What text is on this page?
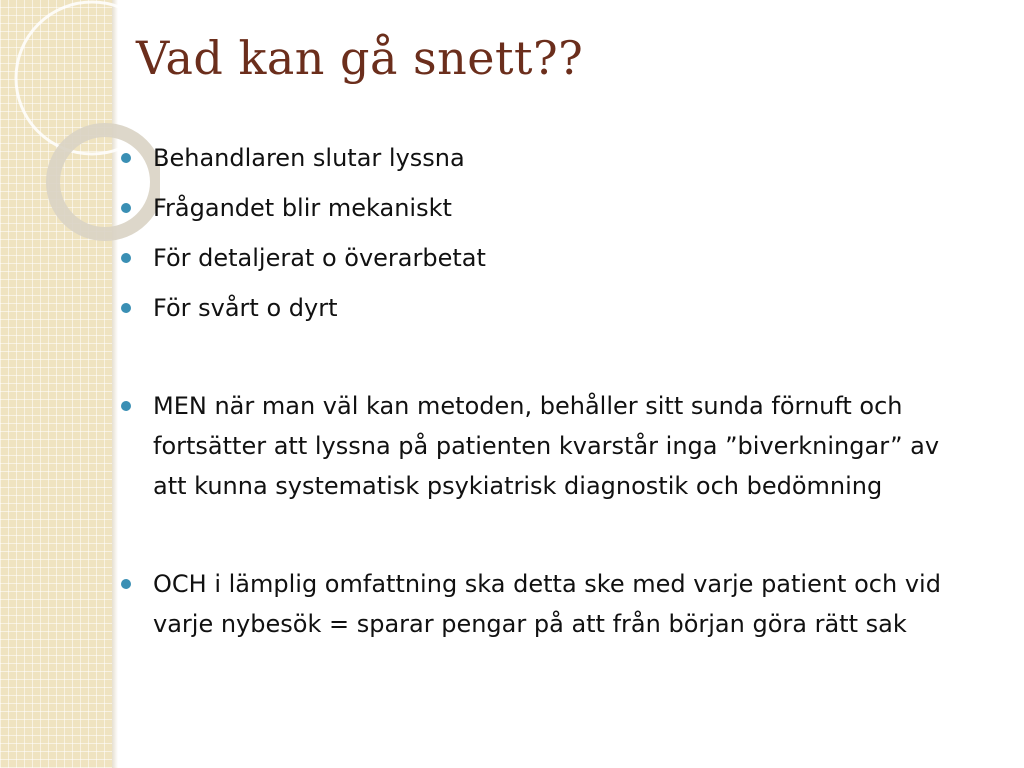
Vad kan gå snett??
Behandlaren slutar lyssna
Frågandet blir mekaniskt
För detaljerat o överarbetat
För svårt o dyrt
MEN när man väl kan metoden, behåller sitt sunda förnuft och fortsätter att lyssna på patienten kvarstår inga ”biverkningar” av att kunna systematisk psykiatrisk diagnostik och bedömning
OCH i lämplig omfattning ska detta ske med varje patient och vid varje nybesök = sparar pengar på att från början göra rätt sak
